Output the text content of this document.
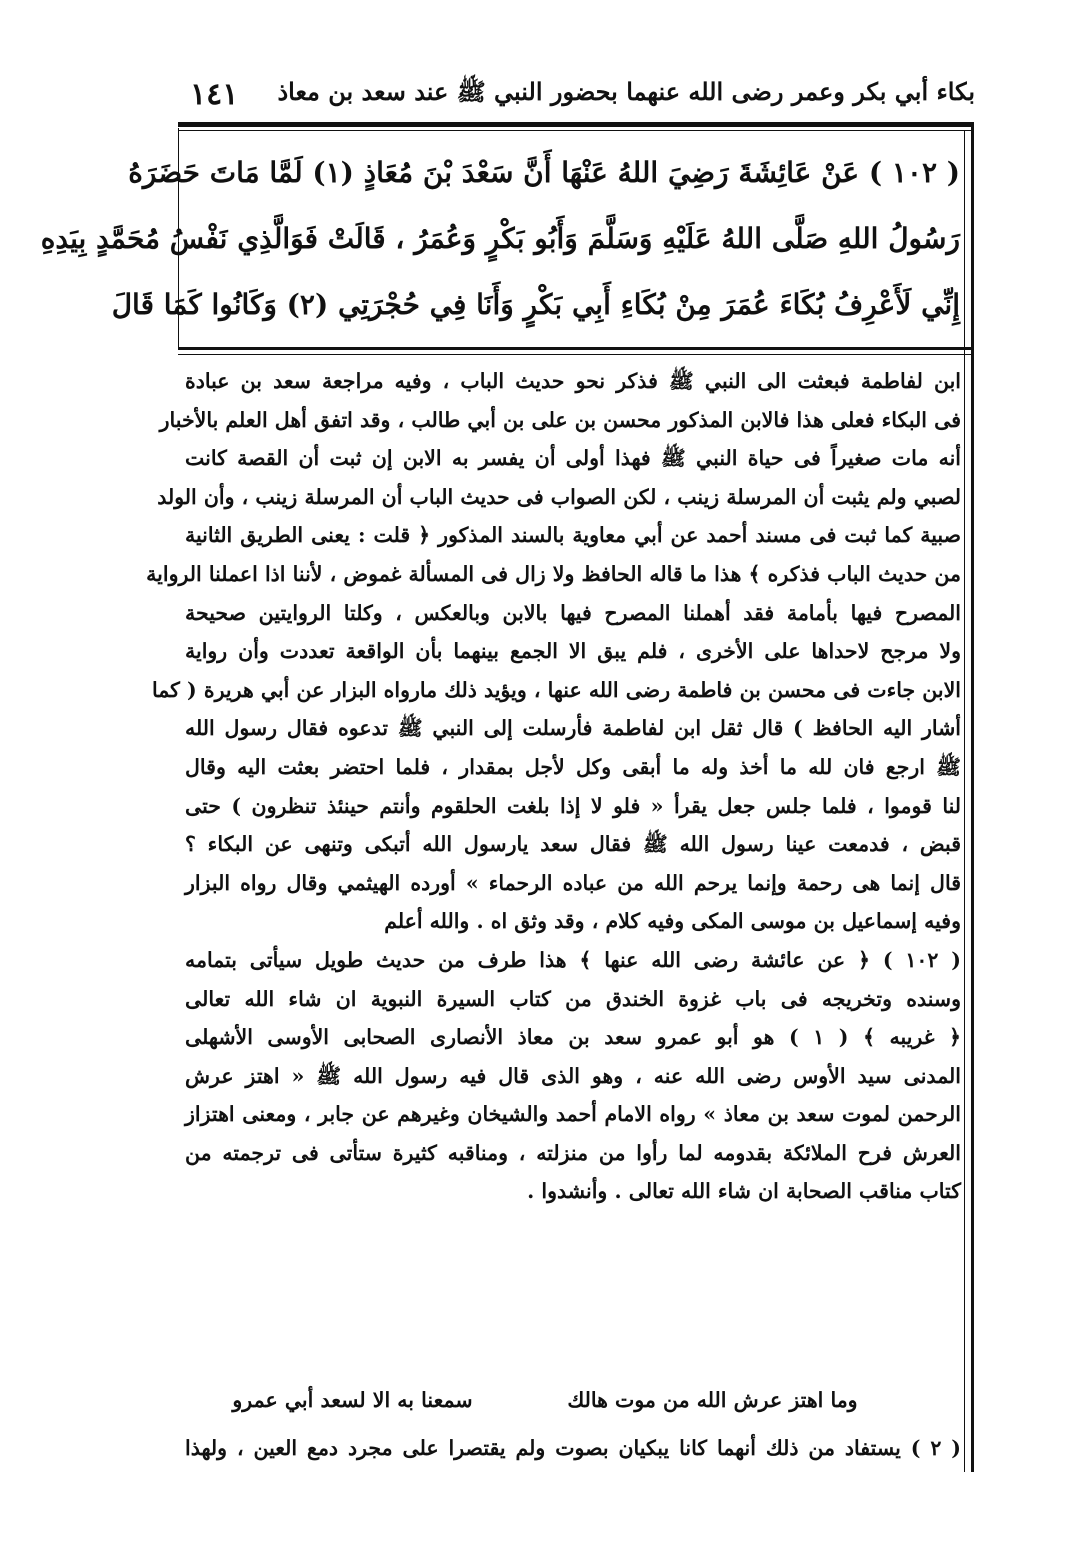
بكاء أبي بكر وعمر رضى الله عنهما بحضور النبي ﷺ عند سعد بن معاذ
١٤١
( ١٠٢ ) عَنْ عَائِشَةَ رَضِيَ اللهُ عَنْهَا أَنَّ سَعْدَ بْنَ مُعَاذٍ (١) لَمَّا مَاتَ حَضَرَهُ
رَسُولُ اللهِ صَلَّى اللهُ عَلَيْهِ وَسَلَّمَ وَأَبُو بَكْرٍ وَعُمَرُ ، قَالَتْ فَوَالَّذِي نَفْسُ مُحَمَّدٍ بِيَدِهِ
إِنِّي لَأَعْرِفُ بُكَاءَ عُمَرَ مِنْ بُكَاءِ أَبِي بَكْرٍ وَأَنَا فِي حُجْرَتِي (٢) وَكَانُوا كَمَا قَالَ
ابن لفاطمة فبعثت الى النبي ﷺ فذكر نحو حديث الباب ، وفيه مراجعة سعد بن عبادة
فى البكاء فعلى هذا فالابن المذكور محسن بن على بن أبي طالب ، وقد اتفق أهل العلم بالأخبار
أنه مات صغيراً فى حياة النبي ﷺ فهذا أولى أن يفسر به الابن إن ثبت أن القصة كانت
لصبي ولم يثبت أن المرسلة زينب ، لكن الصواب فى حديث الباب أن المرسلة زينب ، وأن الولد
صبية كما ثبت فى مسند أحمد عن أبي معاوية بالسند المذكور ﴿ قلت : يعنى الطريق الثانية
من حديث الباب فذكره ﴾ هذا ما قاله الحافظ ولا زال فى المسألة غموض ، لأننا اذا اعملنا الرواية
المصرح فيها بأمامة فقد أهملنا المصرح فيها بالابن وبالعكس ، وكلتا الروايتين صحيحة
ولا مرجح لاحداها على الأخرى ، فلم يبق الا الجمع بينهما بأن الواقعة تعددت وأن رواية
الابن جاءت فى محسن بن فاطمة رضى الله عنها ، ويؤيد ذلك مارواه البزار عن أبي هريرة ( كما
أشار اليه الحافظ ) قال ثقل ابن لفاطمة فأرسلت إلى النبي ﷺ تدعوه فقال رسول الله
ﷺ ارجع فان لله ما أخذ وله ما أبقى وكل لأجل بمقدار ، فلما احتضر بعثت اليه وقال
لنا قوموا ، فلما جلس جعل يقرأ « فلو لا إذا بلغت الحلقوم وأنتم حينئذ تنظرون ) حتى
قبض ، فدمعت عينا رسول الله ﷺ فقال سعد يارسول الله أتبكى وتنهى عن البكاء ؟
قال إنما هى رحمة وإنما يرحم الله من عباده الرحماء » أورده الهيثمي وقال رواه البزار
وفيه إسماعيل بن موسى المكى وفيه كلام ، وقد وثق اه . والله أعلم
( ١٠٢ ) ﴿ عن عائشة رضى الله عنها ﴾ هذا طرف من حديث طويل سيأتى بتمامه
وسنده وتخريجه فى باب غزوة الخندق من كتاب السيرة النبوية ان شاء الله تعالى
﴿ غريبه ﴾ ( ١ ) هو أبو عمرو سعد بن معاذ الأنصارى الصحابى الأوسى الأشهلى
المدنى سيد الأوس رضى الله عنه ، وهو الذى قال فيه رسول الله ﷺ « اهتز عرش
الرحمن لموت سعد بن معاذ » رواه الامام أحمد والشيخان وغيرهم عن جابر ، ومعنى اهتزاز
العرش فرح الملائكة بقدومه لما رأوا من منزلته ، ومناقبه كثيرة ستأتى فى ترجمته من
كتاب مناقب الصحابة ان شاء الله تعالى . وأنشدوا .
وما اهتز عرش الله من موت هالك
سمعنا به الا لسعد أبي عمرو
( ٢ ) يستفاد من ذلك أنهما كانا يبكيان بصوت ولم يقتصرا على مجرد دمع العين ، ولهذا
